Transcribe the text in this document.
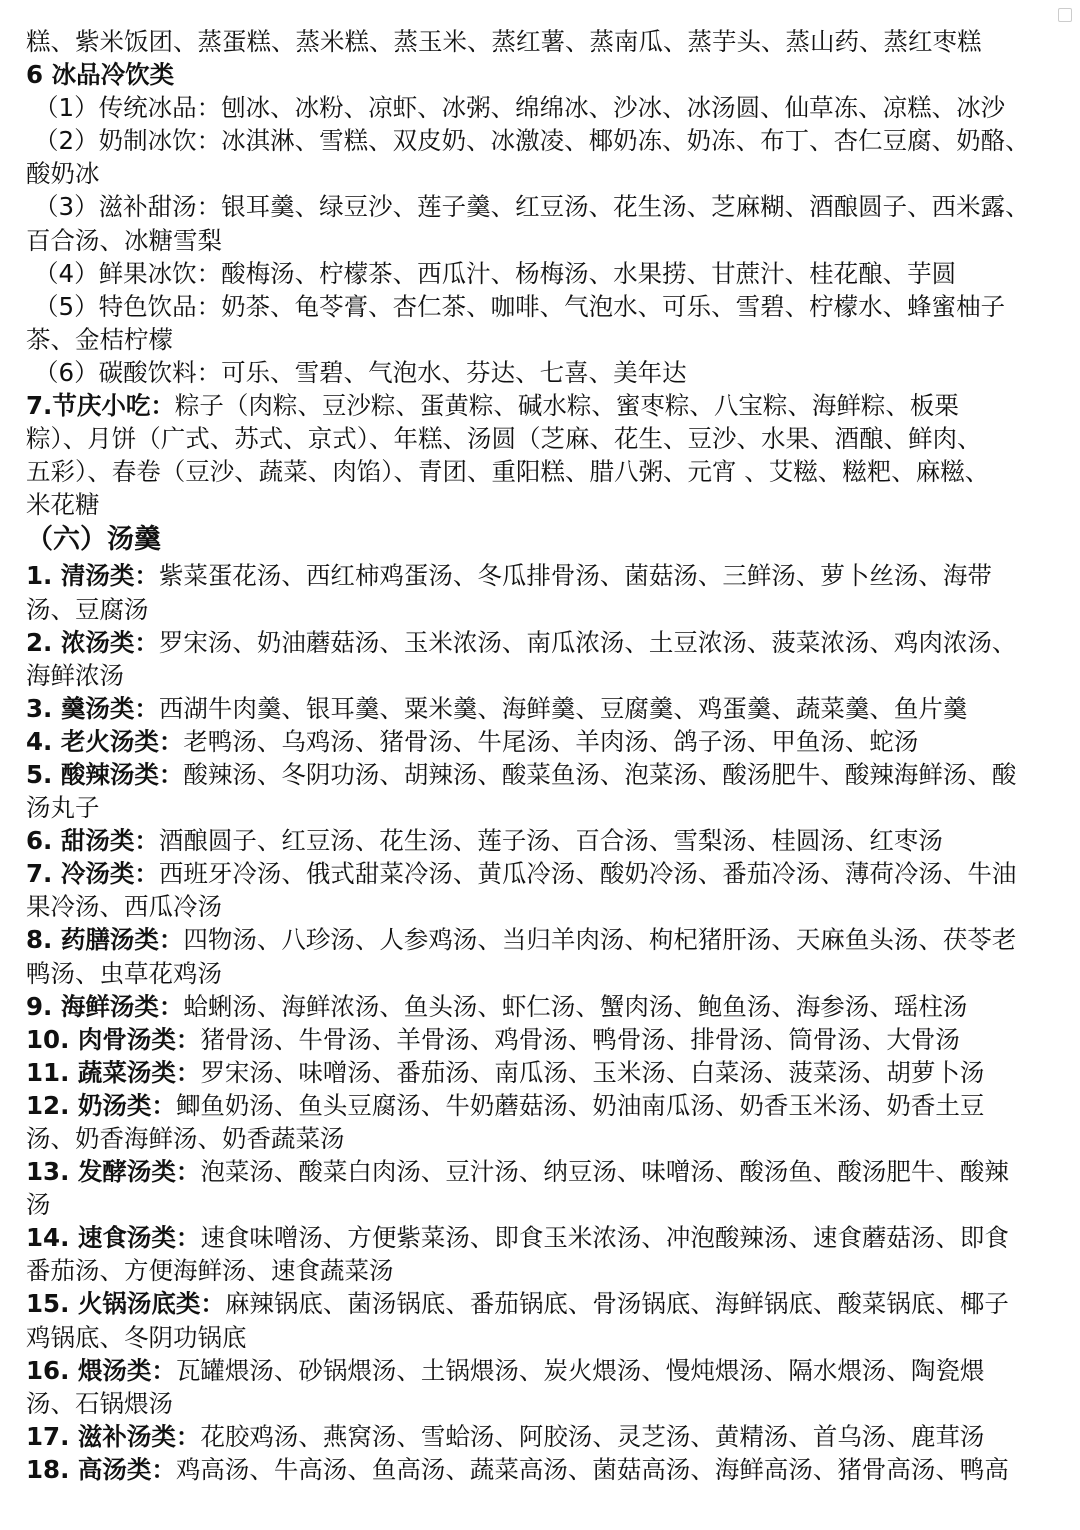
糕、紫米饭团、蒸蛋糕、蒸米糕、蒸玉米、蒸红薯、蒸南瓜、蒸芋头、蒸山药、蒸红枣糕
6 冰品冷饮类
（1）传统冰品：刨冰、冰粉、凉虾、冰粥、绵绵冰、沙冰、冰汤圆、仙草冻、凉糕、冰沙
（2）奶制冰饮：冰淇淋、雪糕、双皮奶、冰激凌、椰奶冻、奶冻、布丁、杏仁豆腐、奶酪、
酸奶冰
（3）滋补甜汤：银耳羹、绿豆沙、莲子羹、红豆汤、花生汤、芝麻糊、酒酿圆子、西米露、
百合汤、冰糖雪梨
（4）鲜果冰饮：酸梅汤、柠檬茶、西瓜汁、杨梅汤、水果捞、甘蔗汁、桂花酿、芋圆
（5）特色饮品：奶茶、龟苓膏、杏仁茶、咖啡、气泡水、可乐、雪碧、柠檬水、蜂蜜柚子
茶、金桔柠檬
（6）碳酸饮料：可乐、雪碧、气泡水、芬达、七喜、美年达
7.节庆小吃：粽子（肉粽、豆沙粽、蛋黄粽、碱水粽、蜜枣粽、八宝粽、海鲜粽、板栗
粽）、月饼（广式、苏式、京式）、年糕、汤圆（芝麻、花生、豆沙、水果、酒酿、鲜肉、
五彩）、春卷（豆沙、蔬菜、肉馅）、青团、重阳糕、腊八粥、元宵 、艾糍、糍粑、麻糍、
米花糖
（六）汤羹
1. 清汤类：紫菜蛋花汤、西红柿鸡蛋汤、冬瓜排骨汤、菌菇汤、三鲜汤、萝卜丝汤、海带
汤、豆腐汤
2. 浓汤类：罗宋汤、奶油蘑菇汤、玉米浓汤、南瓜浓汤、土豆浓汤、菠菜浓汤、鸡肉浓汤、
海鲜浓汤
3. 羹汤类：西湖牛肉羹、银耳羹、粟米羹、海鲜羹、豆腐羹、鸡蛋羹、蔬菜羹、鱼片羹
4. 老火汤类：老鸭汤、乌鸡汤、猪骨汤、牛尾汤、羊肉汤、鸽子汤、甲鱼汤、蛇汤
5. 酸辣汤类：酸辣汤、冬阴功汤、胡辣汤、酸菜鱼汤、泡菜汤、酸汤肥牛、酸辣海鲜汤、酸
汤丸子
6. 甜汤类：酒酿圆子、红豆汤、花生汤、莲子汤、百合汤、雪梨汤、桂圆汤、红枣汤
7. 冷汤类：西班牙冷汤、俄式甜菜冷汤、黄瓜冷汤、酸奶冷汤、番茄冷汤、薄荷冷汤、牛油
果冷汤、西瓜冷汤
8. 药膳汤类：四物汤、八珍汤、人参鸡汤、当归羊肉汤、枸杞猪肝汤、天麻鱼头汤、茯苓老
鸭汤、虫草花鸡汤
9. 海鲜汤类：蛤蜊汤、海鲜浓汤、鱼头汤、虾仁汤、蟹肉汤、鲍鱼汤、海参汤、瑶柱汤
10. 肉骨汤类：猪骨汤、牛骨汤、羊骨汤、鸡骨汤、鸭骨汤、排骨汤、筒骨汤、大骨汤
11. 蔬菜汤类：罗宋汤、味噌汤、番茄汤、南瓜汤、玉米汤、白菜汤、菠菜汤、胡萝卜汤
12. 奶汤类：鲫鱼奶汤、鱼头豆腐汤、牛奶蘑菇汤、奶油南瓜汤、奶香玉米汤、奶香土豆
汤、奶香海鲜汤、奶香蔬菜汤
13. 发酵汤类：泡菜汤、酸菜白肉汤、豆汁汤、纳豆汤、味噌汤、酸汤鱼、酸汤肥牛、酸辣
汤
14. 速食汤类：速食味噌汤、方便紫菜汤、即食玉米浓汤、冲泡酸辣汤、速食蘑菇汤、即食
番茄汤、方便海鲜汤、速食蔬菜汤
15. 火锅汤底类：麻辣锅底、菌汤锅底、番茄锅底、骨汤锅底、海鲜锅底、酸菜锅底、椰子
鸡锅底、冬阴功锅底
16. 煨汤类：瓦罐煨汤、砂锅煨汤、土锅煨汤、炭火煨汤、慢炖煨汤、隔水煨汤、陶瓷煨
汤、石锅煨汤
17. 滋补汤类：花胶鸡汤、燕窝汤、雪蛤汤、阿胶汤、灵芝汤、黄精汤、首乌汤、鹿茸汤
18. 高汤类：鸡高汤、牛高汤、鱼高汤、蔬菜高汤、菌菇高汤、海鲜高汤、猪骨高汤、鸭高
